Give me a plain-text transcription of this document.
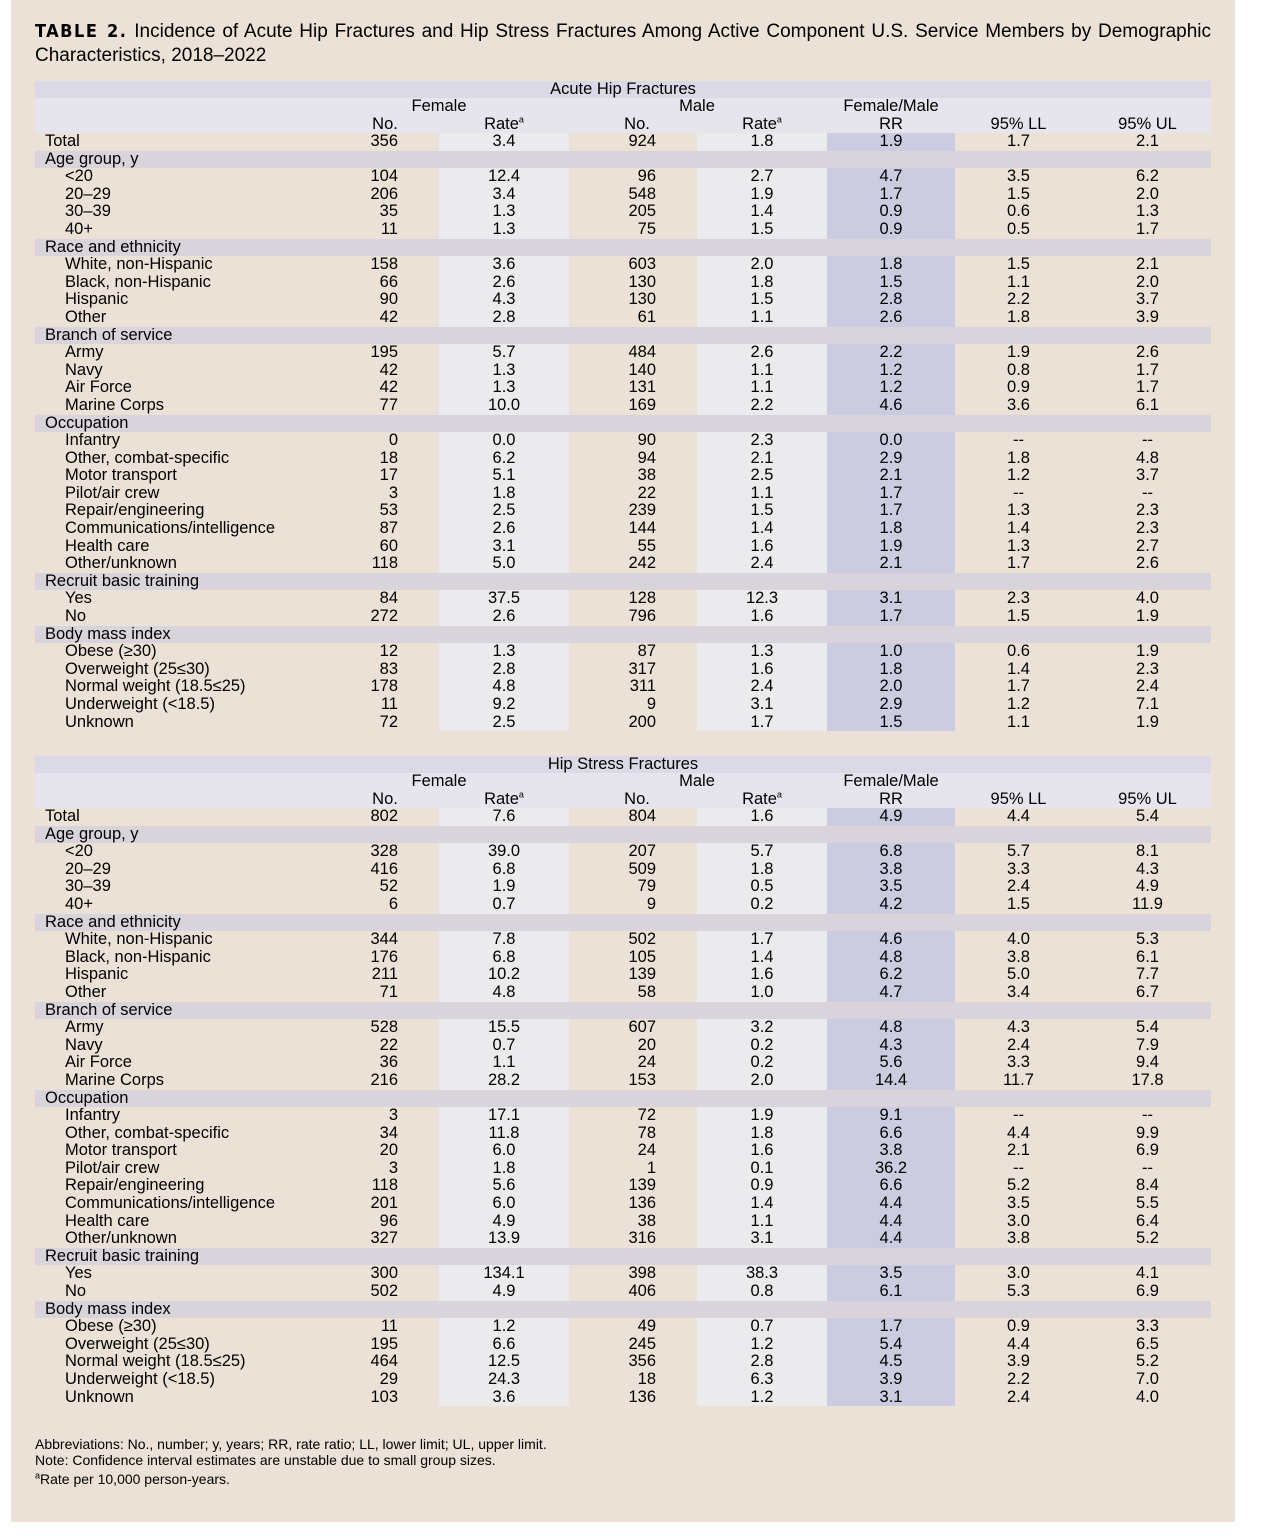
TABLE 2. Incidence of Acute Hip Fractures and Hip Stress Fractures Among Active Component U.S. Service Members by Demographic Characteristics, 2018–2022
Acute Hip Fractures
Female	Male	Female/Male
No.	Rate$^a$	No.	Rate$^a$	RR	95% LL	95% UL
Total	356	3.4	924	1.8	1.9	1.7	2.1
Age group, y
<20	104	12.4	96	2.7	4.7	3.5	6.2
20–29	206	3.4	548	1.9	1.7	1.5	2.0
30–39	35	1.3	205	1.4	0.9	0.6	1.3
40+	11	1.3	75	1.5	0.9	0.5	1.7
Race and ethnicity
White, non-Hispanic	158	3.6	603	2.0	1.8	1.5	2.1
Black, non-Hispanic	66	2.6	130	1.8	1.5	1.1	2.0
Hispanic	90	4.3	130	1.5	2.8	2.2	3.7
Other	42	2.8	61	1.1	2.6	1.8	3.9
Branch of service
Army	195	5.7	484	2.6	2.2	1.9	2.6
Navy	42	1.3	140	1.1	1.2	0.8	1.7
Air Force	42	1.3	131	1.1	1.2	0.9	1.7
Marine Corps	77	10.0	169	2.2	4.6	3.6	6.1
Occupation
Infantry	0	0.0	90	2.3	0.0	--	--
Other, combat-specific	18	6.2	94	2.1	2.9	1.8	4.8
Motor transport	17	5.1	38	2.5	2.1	1.2	3.7
Pilot/air crew	3	1.8	22	1.1	1.7	--	--
Repair/engineering	53	2.5	239	1.5	1.7	1.3	2.3
Communications/intelligence	87	2.6	144	1.4	1.8	1.4	2.3
Health care	60	3.1	55	1.6	1.9	1.3	2.7
Other/unknown	118	5.0	242	2.4	2.1	1.7	2.6
Recruit basic training
Yes	84	37.5	128	12.3	3.1	2.3	4.0
No	272	2.6	796	1.6	1.7	1.5	1.9
Body mass index
Obese (≥30)	12	1.3	87	1.3	1.0	0.6	1.9
Overweight (25≤30)	83	2.8	317	1.6	1.8	1.4	2.3
Normal weight (18.5≤25)	178	4.8	311	2.4	2.0	1.7	2.4
Underweight (<18.5)	11	9.2	9	3.1	2.9	1.2	7.1
Unknown	72	2.5	200	1.7	1.5	1.1	1.9
Hip Stress Fractures
Female	Male	Female/Male
No.	Rate$^a$	No.	Rate$^a$	RR	95% LL	95% UL
Total	802	7.6	804	1.6	4.9	4.4	5.4
Age group, y
<20	328	39.0	207	5.7	6.8	5.7	8.1
20–29	416	6.8	509	1.8	3.8	3.3	4.3
30–39	52	1.9	79	0.5	3.5	2.4	4.9
40+	6	0.7	9	0.2	4.2	1.5	11.9
Race and ethnicity
White, non-Hispanic	344	7.8	502	1.7	4.6	4.0	5.3
Black, non-Hispanic	176	6.8	105	1.4	4.8	3.8	6.1
Hispanic	211	10.2	139	1.6	6.2	5.0	7.7
Other	71	4.8	58	1.0	4.7	3.4	6.7
Branch of service
Army	528	15.5	607	3.2	4.8	4.3	5.4
Navy	22	0.7	20	0.2	4.3	2.4	7.9
Air Force	36	1.1	24	0.2	5.6	3.3	9.4
Marine Corps	216	28.2	153	2.0	14.4	11.7	17.8
Occupation
Infantry	3	17.1	72	1.9	9.1	--	--
Other, combat-specific	34	11.8	78	1.8	6.6	4.4	9.9
Motor transport	20	6.0	24	1.6	3.8	2.1	6.9
Pilot/air crew	3	1.8	1	0.1	36.2	--	--
Repair/engineering	118	5.6	139	0.9	6.6	5.2	8.4
Communications/intelligence	201	6.0	136	1.4	4.4	3.5	5.5
Health care	96	4.9	38	1.1	4.4	3.0	6.4
Other/unknown	327	13.9	316	3.1	4.4	3.8	5.2
Recruit basic training
Yes	300	134.1	398	38.3	3.5	3.0	4.1
No	502	4.9	406	0.8	6.1	5.3	6.9
Body mass index
Obese (≥30)	11	1.2	49	0.7	1.7	0.9	3.3
Overweight (25≤30)	195	6.6	245	1.2	5.4	4.4	6.5
Normal weight (18.5≤25)	464	12.5	356	2.8	4.5	3.9	5.2
Underweight (<18.5)	29	24.3	18	6.3	3.9	2.2	7.0
Unknown	103	3.6	136	1.2	3.1	2.4	4.0
Abbreviations: No., number; y, years; RR, rate ratio; LL, lower limit; UL, upper limit.
Note: Confidence interval estimates are unstable due to small group sizes.
$^a$Rate per 10,000 person-years.
